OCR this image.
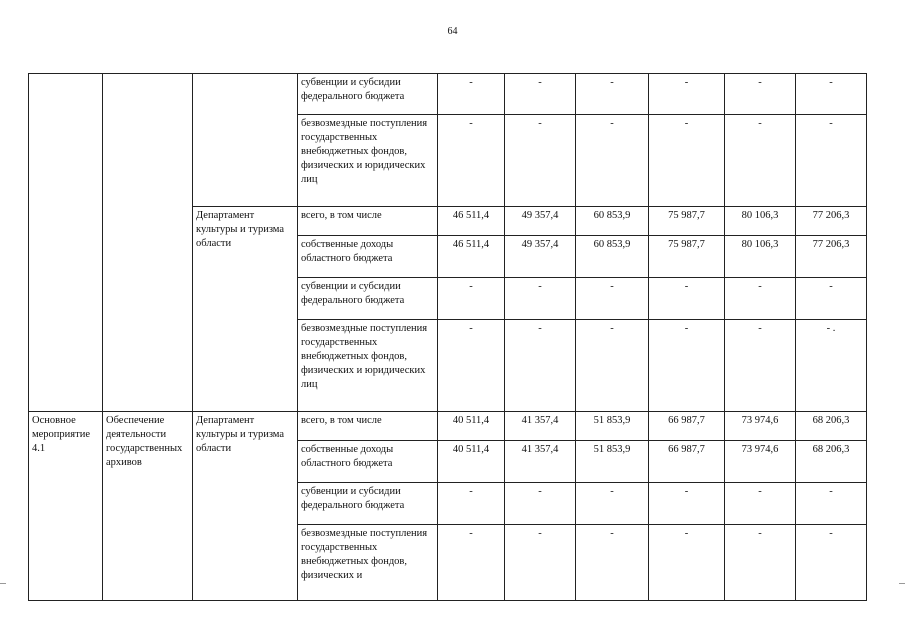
64
			субвенции и субсидии федерального бюджета	-	-	-	-	-	-
			безвозмездные поступления государственных внебюджетных фондов, физических и юридических лиц	-	-	-	-	-	-
		Департамент культуры и туризма области	всего, в том числе	46 511,4	49 357,4	60 853,9	75 987,7	80 106,3	77 206,3
			собственные доходы областного бюджета	46 511,4	49 357,4	60 853,9	75 987,7	80 106,3	77 206,3
			субвенции и субсидии федерального бюджета	-	-	-	-	-	-
			безвозмездные поступления государственных внебюджетных фондов, физических и юридических лиц	-	-	-	-	-	- .
Основное мероприятие 4.1	Обеспечение деятельности государственных архивов	Департамент культуры и туризма области	всего, в том числе	40 511,4	41 357,4	51 853,9	66 987,7	73 974,6	68 206,3
			собственные доходы областного бюджета	40 511,4	41 357,4	51 853,9	66 987,7	73 974,6	68 206,3
			субвенции и субсидии федерального бюджета	-	-	-	-	-	-
			безвозмездные поступления государственных внебюджетных фондов, физических и	-	-	-	-	-	-
